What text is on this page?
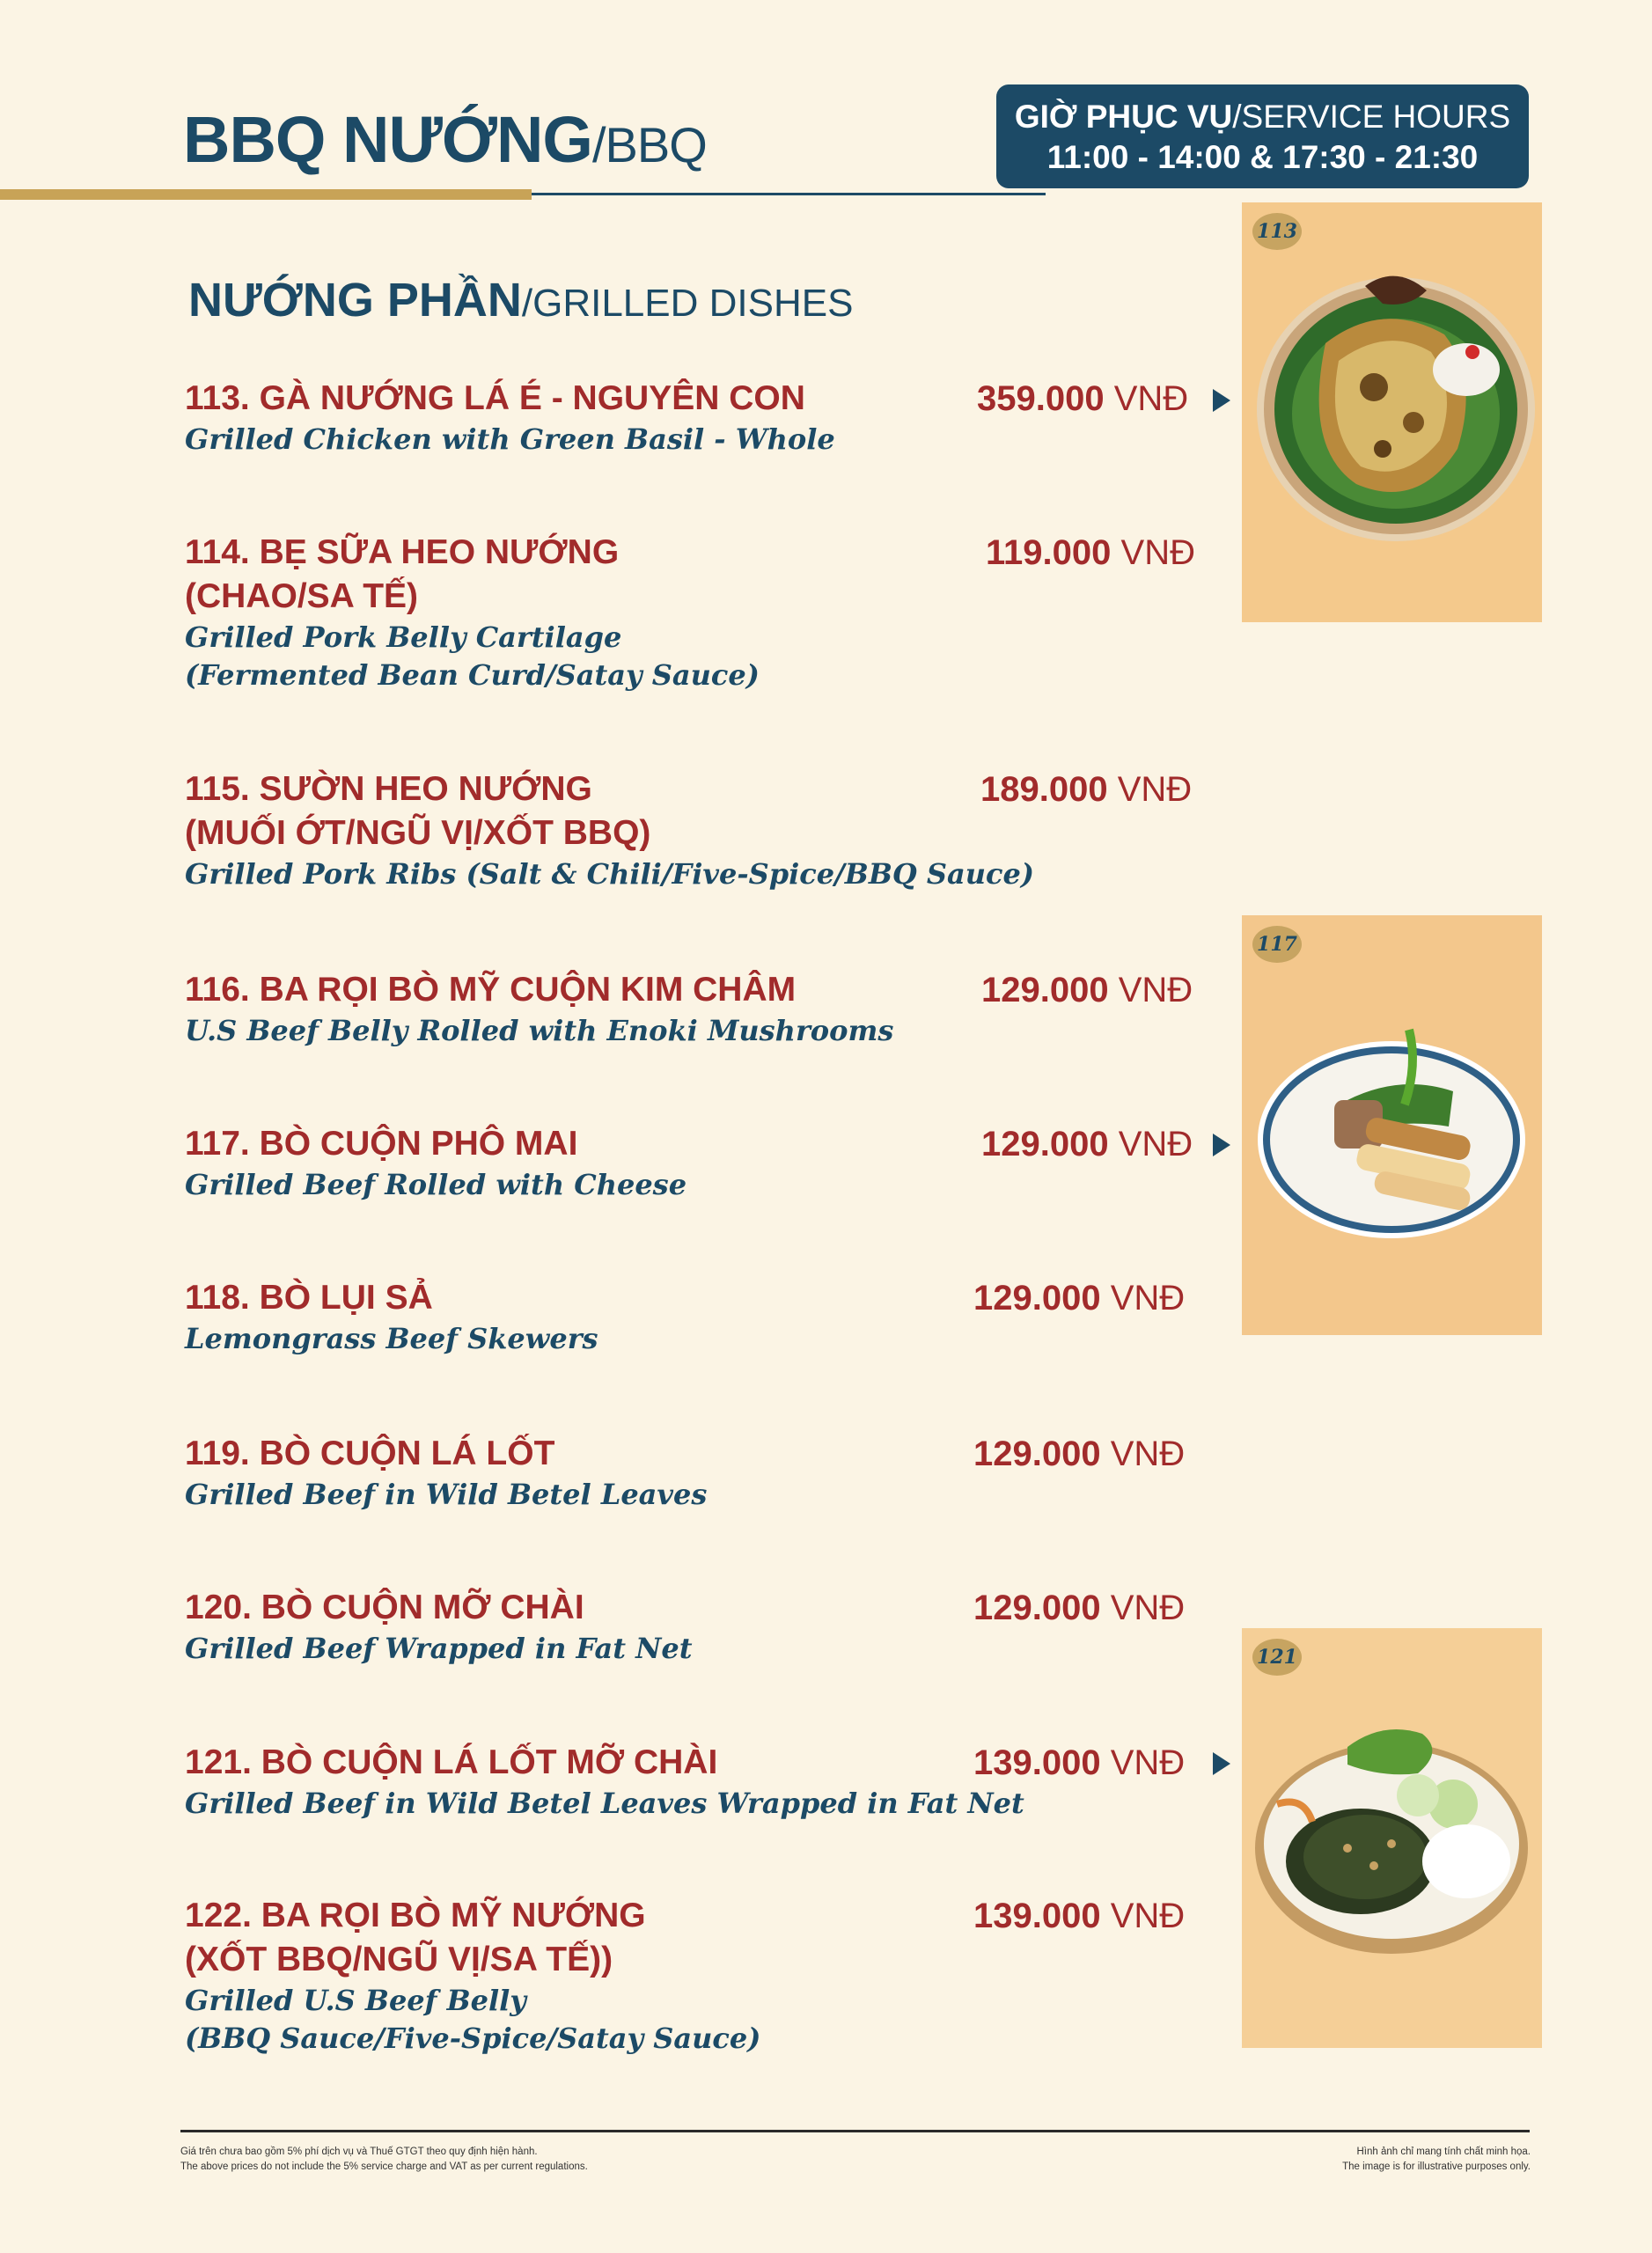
BBQ NƯỚNG/BBQ
GIỜ PHỤC VỤ/SERVICE HOURS
11:00 - 14:00 & 17:30 - 21:30
NƯỚNG PHẦN/GRILLED DISHES
113. GÀ NƯỚNG LÁ É - NGUYÊN CON
Grilled Chicken with Green Basil - Whole
359.000 VNĐ
114. BẸ SỮA HEO NƯỚNG
(CHAO/SA TẾ)
Grilled Pork Belly Cartilage
(Fermented Bean Curd/Satay Sauce)
119.000 VNĐ
115. SƯỜN HEO NƯỚNG
(MUỐI ỚT/NGŨ VỊ/XỐT BBQ)
Grilled Pork Ribs (Salt & Chili/Five-Spice/BBQ Sauce)
189.000 VNĐ
116. BA RỌI BÒ MỸ CUỘN KIM CHÂM
U.S Beef Belly Rolled with Enoki Mushrooms
129.000 VNĐ
117. BÒ CUỘN PHÔ MAI
Grilled Beef Rolled with Cheese
129.000 VNĐ
118. BÒ LỤI SẢ
Lemongrass Beef Skewers
129.000 VNĐ
119. BÒ CUỘN LÁ LỐT
Grilled Beef in Wild Betel Leaves
129.000 VNĐ
120. BÒ CUỘN MỠ CHÀI
Grilled Beef Wrapped in Fat Net
129.000 VNĐ
121. BÒ CUỘN LÁ LỐT MỠ CHÀI
Grilled Beef in Wild Betel Leaves Wrapped in Fat Net
139.000 VNĐ
122. BA RỌI BÒ MỸ NƯỚNG
(XỐT BBQ/NGŨ VỊ/SA TẾ))
Grilled U.S Beef Belly
(BBQ Sauce/Five-Spice/Satay Sauce)
139.000 VNĐ
113
117
121
Giá trên chưa bao gồm 5% phí dịch vụ và Thuế GTGT theo quy định hiện hành.
The above prices do not include the 5% service charge and VAT as per current regulations.
Hình ảnh chỉ mang tính chất minh họa.
The image is for illustrative purposes only.
